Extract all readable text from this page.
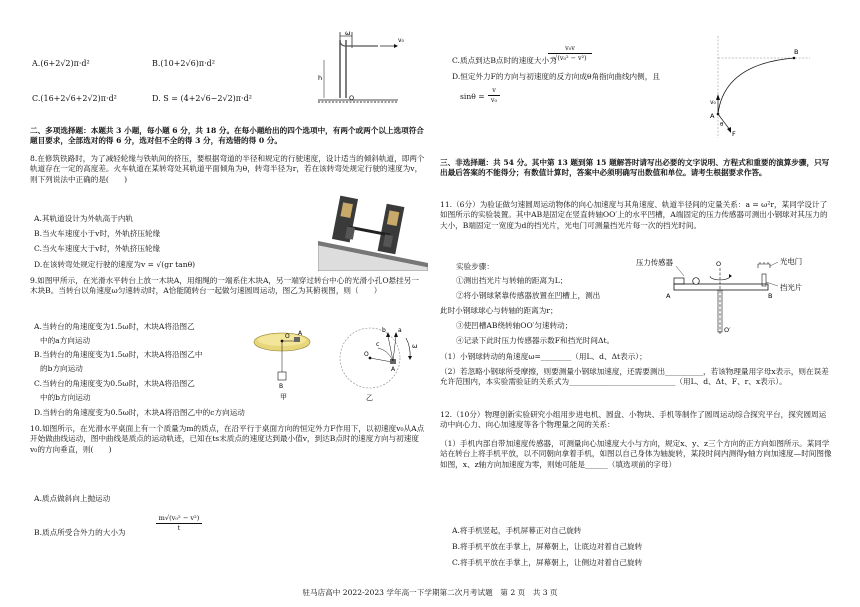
A.(6+2√2)π·d²	B.(10+2√6)π·d²
C.(16+2√6+2√2)π·d²	D. S = (4+2√6−2√2)π·d²
ω
v₀
h
O
二、多项选择题：本题共 3 小题，每小题 6 分，共 18 分。在每小题给出的四个选项中，有两个或两个以上选项符合题目要求，全部选对的得 6 分，选对但不全的得 3 分，有选错的得 0 分。
8.在修筑铁路时，为了减轻轮缘与铁轨间的挤压，要根据弯道的半径和规定的行驶速度，设计适当的倾斜轨道，即两个轨道存在一定的高度差。火车轨道在某转弯处其轨道平面倾角为θ，转弯半径为r，若在该转弯处规定行驶的速度为v，则下列说法中正确的是(　　)
A.其轨道设计为外轨高于内轨
B.当火车速度小于v时，外轨挤压轮缘
C.当火车速度大于v时，外轨挤压轮缘
D.在该转弯处规定行驶的速度为v = √(gr tanθ)
9.如图甲所示，在光滑水平转台上放一木块A，用细绳的一端系住木块A，另一端穿过转台中心的光滑小孔O悬挂另一木块B。当转台以角速度ω匀速转动时，A恰能随转台一起做匀速圆周运动，图乙为其俯视图，则（　　）
A.当转台的角速度变为1.5ω时，木块A将沿图乙
中的a方向运动
B.当转台的角速度变为1.5ω时，木块A将沿图乙中
的b方向运动
C.当转台的角速度变为0.5ω时，木块A将沿图乙
中的b方向运动
D.当转台的角速度变为0.5ω时，木块A将沿图乙中的c方向运动
O A
B
甲
O
A
b a
c	ω
乙
10.如图所示，在光滑水平桌面上有一个质量为m的质点，在沿平行于桌面方向的恒定外力F作用下，以初速度v₀从A点开始做曲线运动，图中曲线是质点的运动轨迹，已知在ts末质点的速度达到最小值v，到达B点时的速度方向与初速度v₀的方向垂直，则(　　)
A.质点做斜向上抛运动
B.质点所受合外力的大小为	$\frac{\text{m√(v₀² − v²)}}{t}$
C.质点到达B点时的速度大小为
$\frac{\text{v₀v}}{\text{√(v₀² − v²)}}$
D.恒定外力F的方向与初速度的反方向成θ角指向曲线内侧，且
$\sin\theta = \frac{v}{\text{v₀}}$
B
A
v₀
F
θ
三、非选择题：共 54 分。其中第 13 题到第 15 题解答时请写出必要的文字说明、方程式和重要的演算步骤，只写出最后答案的不能得分；有数值计算时，答案中必须明确写出数值和单位。请考生根据要求作答。
11.（6分）为验证做匀速圆周运动物体的向心加速度与其角速度、轨道半径间的定量关系：a = ω²r，某同学设计了如图所示的实验装置。其中AB是固定在竖直转轴OO′上的水平凹槽，A端固定的压力传感器可测出小钢球对其压力的大小，B端固定一宽度为d的挡光片，光电门可测量挡光片每一次的挡光时间。
压力传感器	光电门
挡光片
A	B
O
O′
实验步骤：
①测出挡光片与转轴的距离为L；
②将小钢球紧靠传感器放置在凹槽上，测出
此时小钢球球心与转轴的距离为r；
③使凹槽AB绕转轴OO′匀速转动；
④记录下此时压力传感器示数F和挡光时间Δt。
（1）小钢球转动的角速度ω=________（用L、d、Δt表示）；
（2）若忽略小钢球所受摩擦，则要测量小钢球加速度，还需要测出__________，若该物理量用字母x表示，则在误差允许范围内，本实验需验证的关系式为____________________________（用L、d、Δt、F、r、x表示）。
12.（10分）物理创新实验研究小组用步进电机、圆盘、小物块、手机等制作了圆周运动综合探究平台，探究圆周运动中向心力、向心加速度等各个物理量之间的关系：
（1）手机内部自带加速度传感器，可测量向心加速度大小与方向，规定x、y、z三个方向的正方向如图所示。某同学站在转台上将手机平放，以不同朝向拿着手机，如图以自己身体为轴旋转，某段时间内测得y轴方向加速度—时间图像如图，x、z轴方向加速度为零，则她可能是______（填选项前的字母）
A.将手机竖起，手机屏幕正对自己旋转
B.将手机平放在手掌上，屏幕朝上，让底边对着自己旋转
C.将手机平放在手掌上，屏幕朝上，让侧边对着自己旋转
驻马店高中 2022-2023 学年高一下学期第二次月考试题　第 2 页　共 3 页
